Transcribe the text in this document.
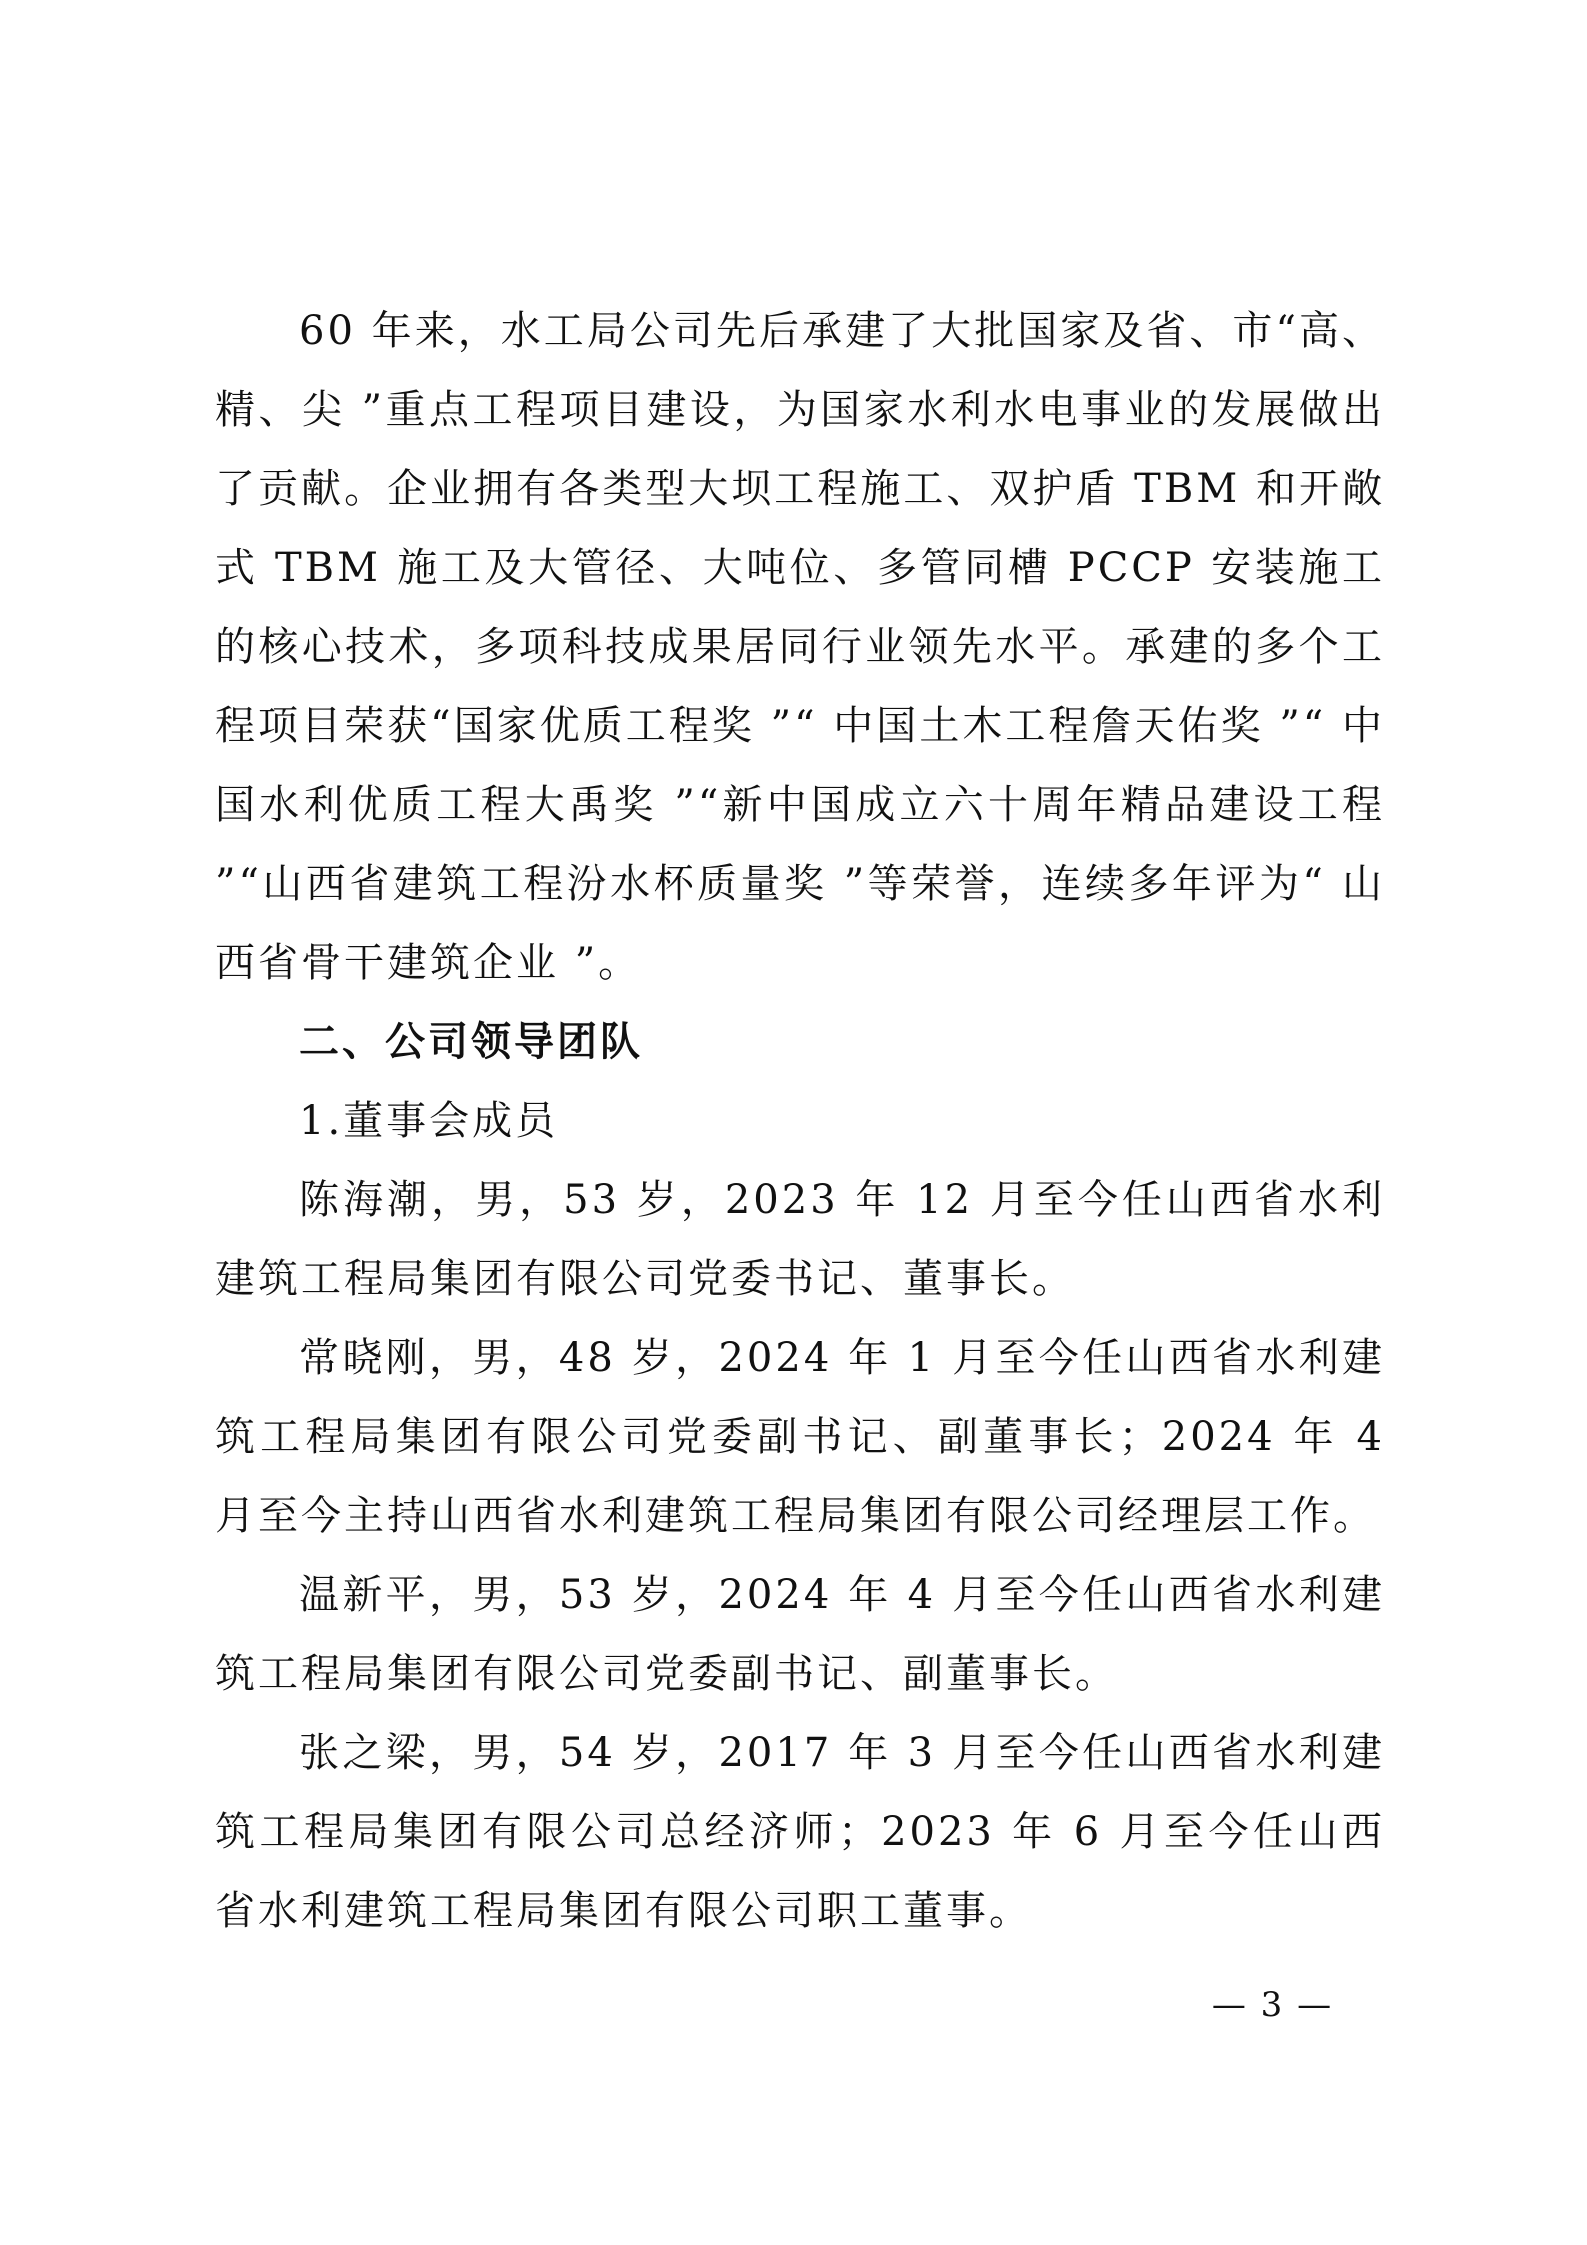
60 年来，水工局公司先后承建了大批国家及省、市“高、精、尖 ”重点工程项目建设，为国家水利水电事业的发展做出了贡献。企业拥有各类型大坝工程施工、双护盾 TBM 和开敞式 TBM 施工及大管径、大吨位、多管同槽 PCCP 安装施工的核心技术，多项科技成果居同行业领先水平。承建的多个工程项目荣获“国家优质工程奖 ”“ 中国土木工程詹天佑奖 ”“ 中国水利优质工程大禹奖 ”“新中国成立六十周年精品建设工程 ”“山西省建筑工程汾水杯质量奖 ”等荣誉，连续多年评为“ 山西省骨干建筑企业 ”。

二、公司领导团队

1.董事会成员

陈海潮，男，53 岁，2023 年 12 月至今任山西省水利建筑工程局集团有限公司党委书记、董事长。

常晓刚，男，48 岁，2024 年 1 月至今任山西省水利建筑工程局集团有限公司党委副书记、副董事长；2024 年 4 月至今主持山西省水利建筑工程局集团有限公司经理层工作。

温新平，男，53 岁，2024 年 4 月至今任山西省水利建筑工程局集团有限公司党委副书记、副董事长。

张之梁，男，54 岁，2017 年 3 月至今任山西省水利建筑工程局集团有限公司总经济师；2023 年 6 月至今任山西省水利建筑工程局集团有限公司职工董事。

— 3 —
